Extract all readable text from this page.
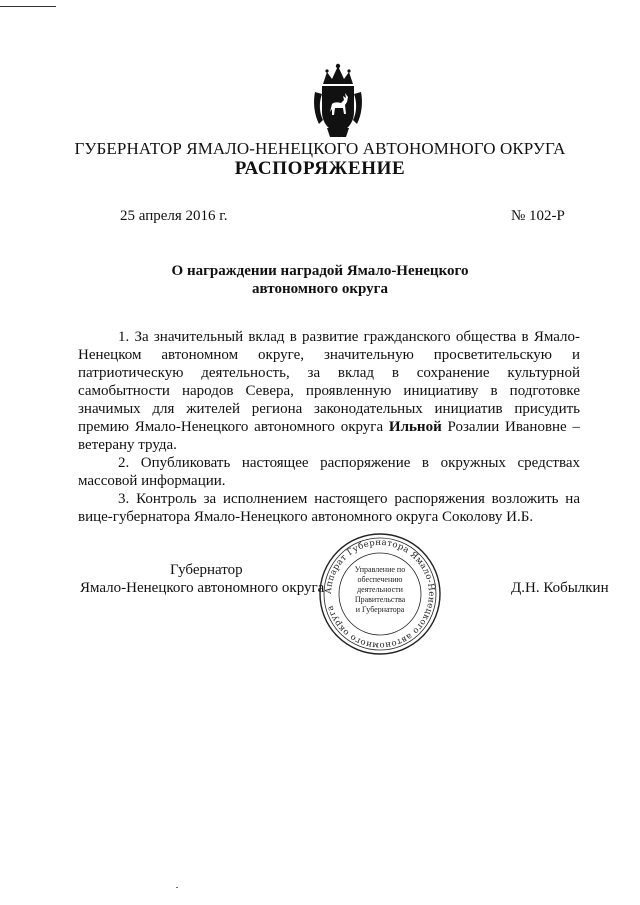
ГУБЕРНАТОР ЯМАЛО-НЕНЕЦКОГО АВТОНОМНОГО ОКРУГА
РАСПОРЯЖЕНИЕ
25 апреля 2016 г.	№ 102-Р
О награждении наградой Ямало-Ненецкого
автономного округа

1. За значительный вклад в развитие гражданского общества в Ямало-Ненецком автономном округе, значительную просветительскую и патриотическую деятельность, за вклад в сохранение культурной самобытности народов Севера, проявленную инициативу в подготовке значимых для жителей региона законодательных инициатив присудить премию Ямало-Ненецкого автономного округа Ильной Розалии Ивановне – ветерану труда.

2. Опубликовать настоящее распоряжение в окружных средствах массовой информации.

3. Контроль за исполнением настоящего распоряжения возложить на вице-губернатора Ямало-Ненецкого автономного округа Соколову И.Б.

Губернатор
Ямало-Ненецкого автономного округа	Д.Н. Кобылкин
Аппарат Губернатора Ямало-Ненецкого автономного округа
Управление по
обеспечению
деятельности
Правительства
и Губернатора
